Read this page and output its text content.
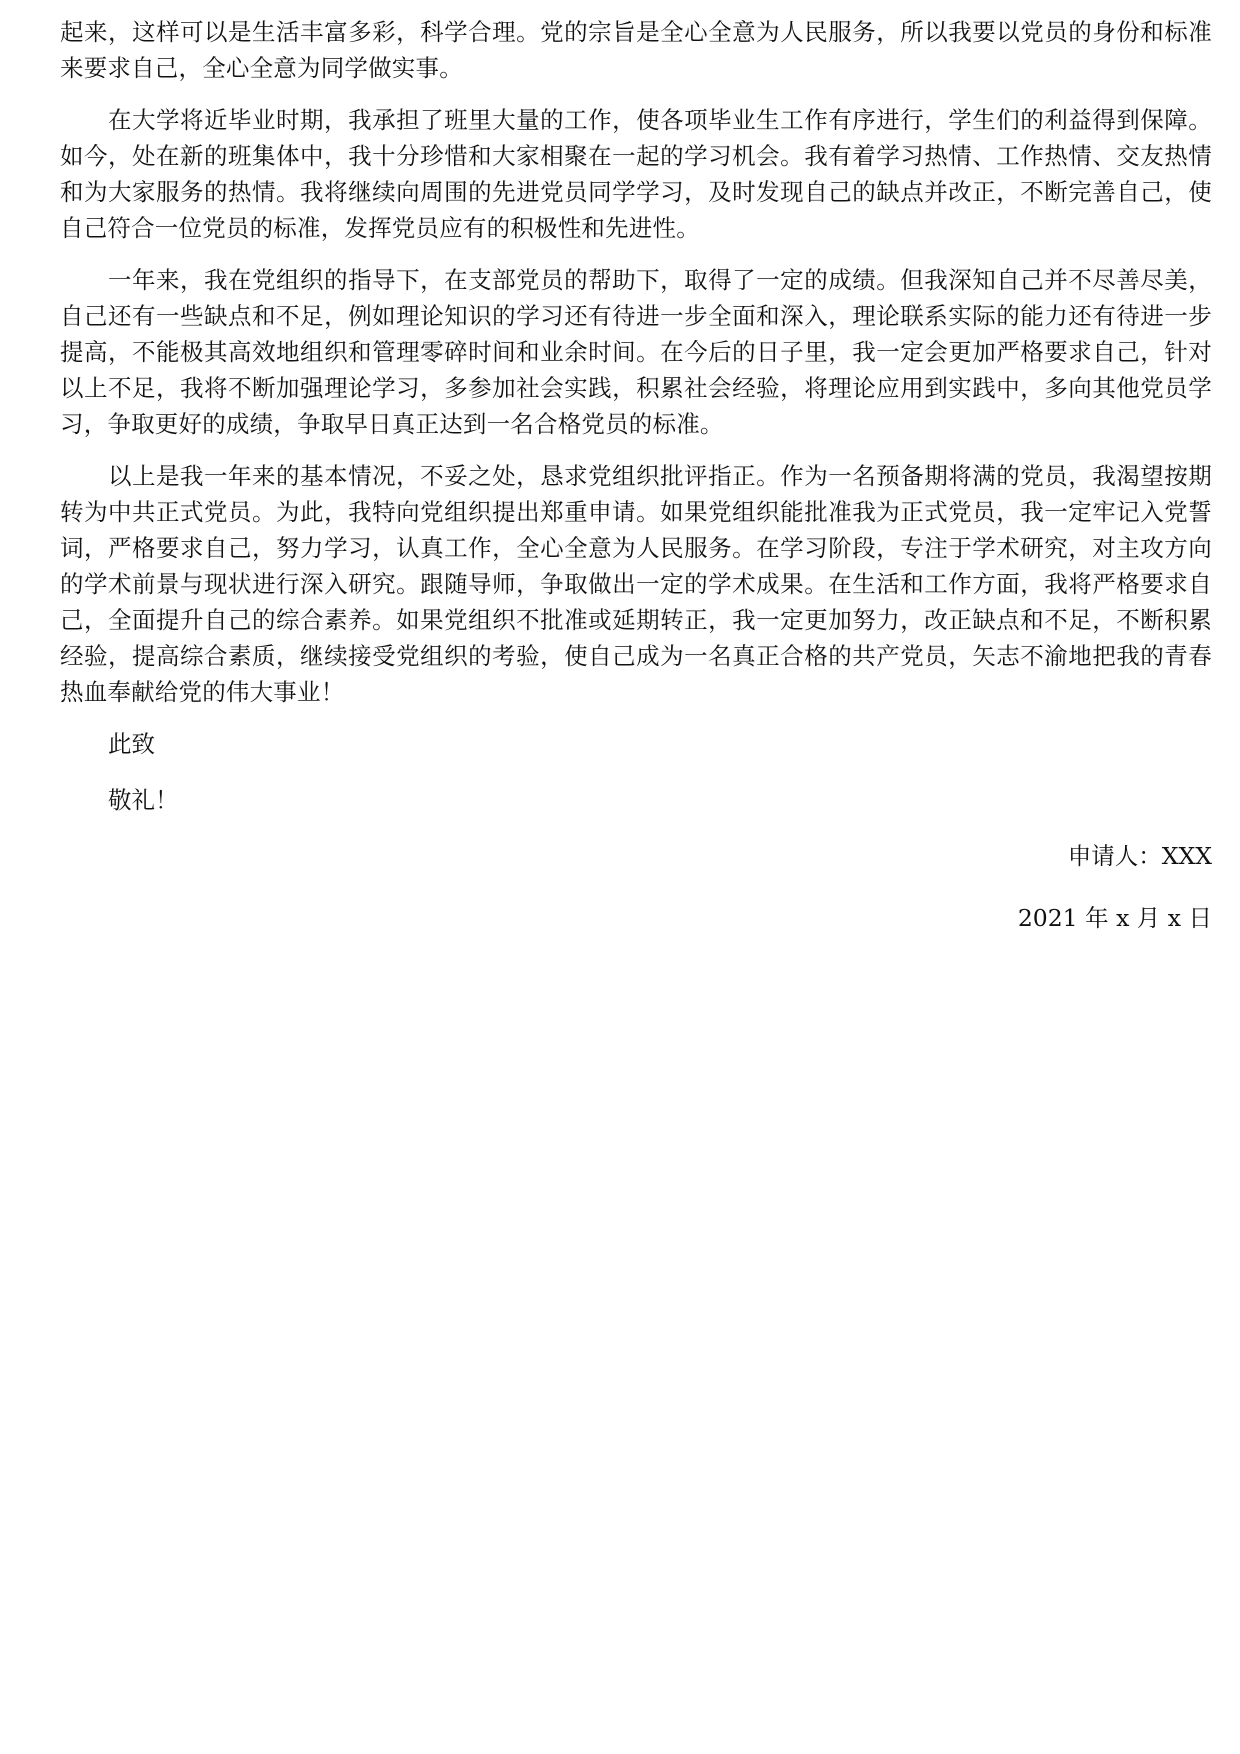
起来，这样可以是生活丰富多彩，科学合理。党的宗旨是全心全意为人民服务，所以我要以党员的身份和标准来要求自己，全心全意为同学做实事。

在大学将近毕业时期，我承担了班里大量的工作，使各项毕业生工作有序进行，学生们的利益得到保障。如今，处在新的班集体中，我十分珍惜和大家相聚在一起的学习机会。我有着学习热情、工作热情、交友热情和为大家服务的热情。我将继续向周围的先进党员同学学习，及时发现自己的缺点并改正，不断完善自己，使自己符合一位党员的标准，发挥党员应有的积极性和先进性。

一年来，我在党组织的指导下，在支部党员的帮助下，取得了一定的成绩。但我深知自己并不尽善尽美，自己还有一些缺点和不足，例如理论知识的学习还有待进一步全面和深入，理论联系实际的能力还有待进一步提高，不能极其高效地组织和管理零碎时间和业余时间。在今后的日子里，我一定会更加严格要求自己，针对以上不足，我将不断加强理论学习，多参加社会实践，积累社会经验，将理论应用到实践中，多向其他党员学习，争取更好的成绩，争取早日真正达到一名合格党员的标准。

以上是我一年来的基本情况，不妥之处，恳求党组织批评指正。作为一名预备期将满的党员，我渴望按期转为中共正式党员。为此，我特向党组织提出郑重申请。如果党组织能批准我为正式党员，我一定牢记入党誓词，严格要求自己，努力学习，认真工作，全心全意为人民服务。在学习阶段，专注于学术研究，对主攻方向的学术前景与现状进行深入研究。跟随导师，争取做出一定的学术成果。在生活和工作方面，我将严格要求自己，全面提升自己的综合素养。如果党组织不批准或延期转正，我一定更加努力，改正缺点和不足，不断积累经验，提高综合素质，继续接受党组织的考验，使自己成为一名真正合格的共产党员，矢志不渝地把我的青春热血奉献给党的伟大事业！

此致

敬礼！

申请人：XXX

2021 年 x 月 x 日
